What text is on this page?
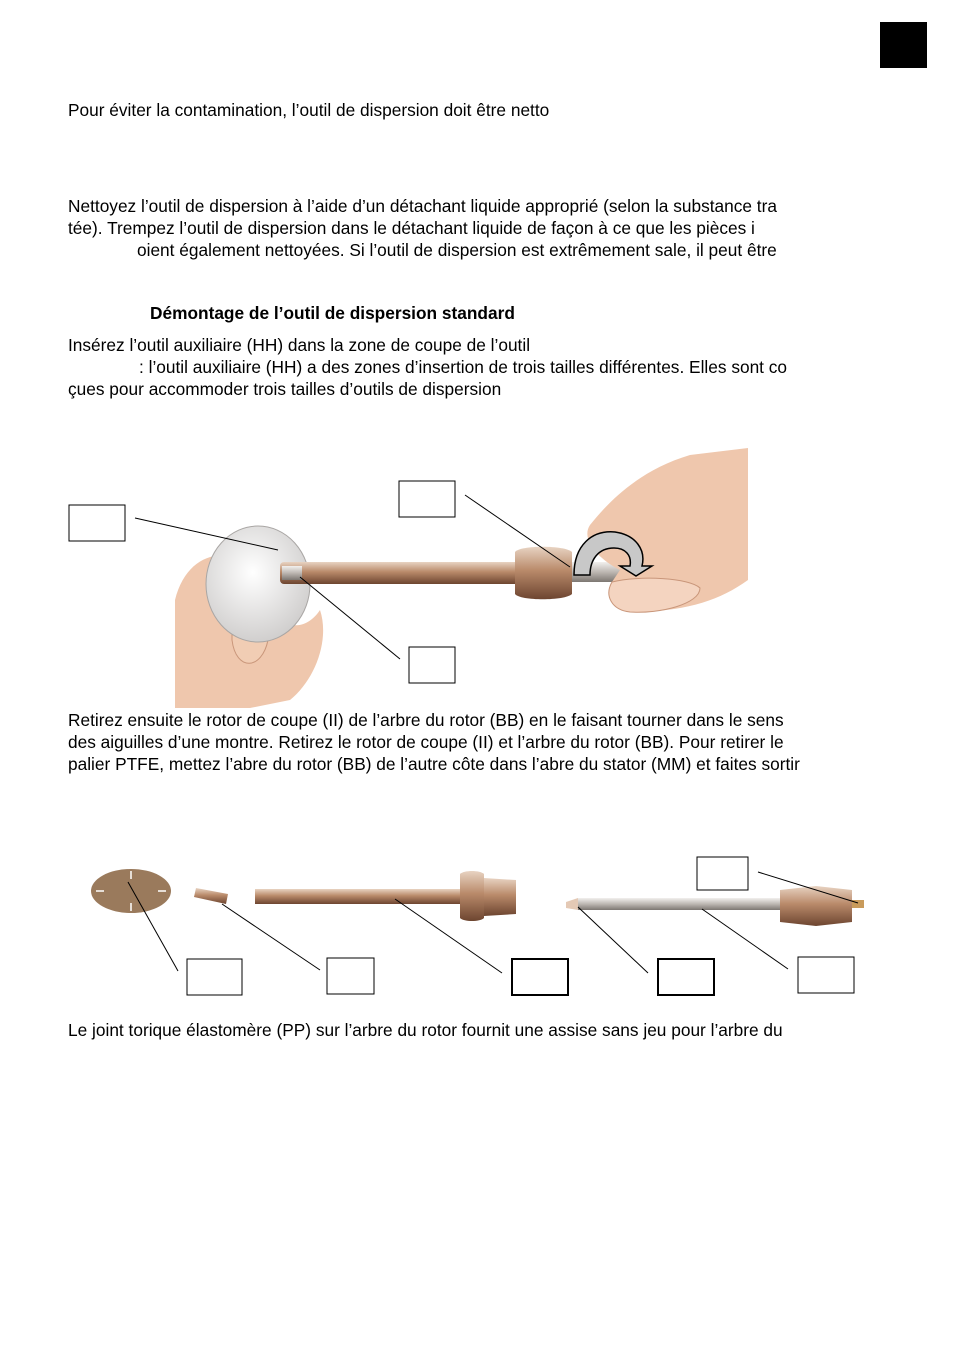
Pour éviter la contamination, l’outil de dispersion doit être netto
Nettoyez l’outil de dispersion à l’aide d’un détachant liquide approprié (selon la substance tra
tée). Trempez l’outil de dispersion dans le détachant liquide de façon à ce que les pièces i
oient également nettoyées. Si l’outil de dispersion est extrêmement sale, il peut être
Démontage de l’outil de dispersion standard
Insérez l’outil auxiliaire (HH) dans la zone de coupe de l’outil
: l’outil auxiliaire (HH) a des zones d’insertion de trois tailles différentes. Elles sont co
çues pour accommoder trois tailles d’outils de dispersion
Retirez ensuite le rotor de coupe (II) de l’arbre du rotor (BB) en le faisant tourner dans le sens
des aiguilles d’une montre. Retirez le rotor de coupe (II) et l’arbre du rotor (BB). Pour retirer le
palier PTFE, mettez l’abre du rotor (BB) de l’autre côte dans l’abre du stator (MM) et faites sortir
Le joint torique élastomère (PP) sur l’arbre du rotor fournit une assise sans jeu pour l’arbre du
